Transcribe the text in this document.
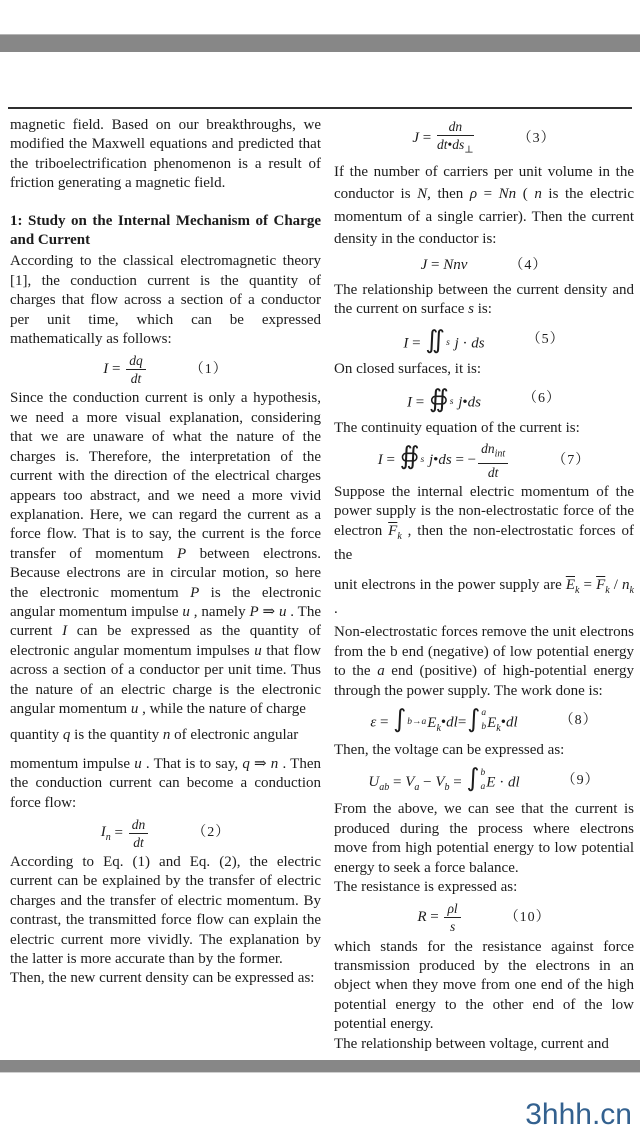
magnetic field. Based on our breakthroughs, we modified the Maxwell equations and predicted that the triboelectrification phenomenon is a result of friction generating a magnetic field.
1: Study on the Internal Mechanism of Charge and Current
According to the classical electromagnetic theory [1], the conduction current is the quantity of charges that flow across a section of a conductor per unit time, which can be expressed mathematically as follows:
$I = \frac{dq}{dt}$	（1）
Since the conduction current is only a hypothesis, we need a more visual explanation, considering that we are unaware of what the nature of the charges is. Therefore, the interpretation of the current with the direction of the electrical charges appears too abstract, and we need a more vivid explanation. Here, we can regard the current as a force flow. That is to say, the current is the force transfer of momentum P between electrons. Because electrons are in circular motion, so here the electronic momentum P is the electronic angular momentum impulse u , namely P ⇒ u . The current I can be expressed as the quantity of electronic angular momentum impulses u that flow across a section of a conductor per unit time. Thus the nature of an electric charge is the electronic angular momentum u , while the nature of charge
quantity q is the quantity n of electronic angular
momentum impulse u . That is to say, q ⇒ n . Then the conduction current can become a conduction force flow:
$I_n = \frac{dn}{dt}$	（2）
According to Eq. (1) and Eq. (2), the electric current can be explained by the transfer of electric charges and the transfer of electric momentum. By contrast, the transmitted force flow can explain the electric current more vividly. The explanation by the latter is more accurate than by the former.
Then, the new current density can be expressed as:
$J = \frac{dn}{dt•ds_\perp}$	（3）
If the number of carriers per unit volume in the conductor is N, then ρ = Nn ( n is the electric momentum of a single carrier). Then the current density in the conductor is:
J = Nnv	（4）
The relationship between the current density and the current on surface s is:
I = ∬ s j · ds	（5）
On closed surfaces, it is:
I = ∯ s j•ds	（6）
The continuity equation of the current is:
I = ∯ s j•ds = − $\frac{dn_{int}}{dt}$	（7）
Suppose the internal electric momentum of the power supply is the non-electrostatic force of the electron $\overline{F}_k$ , then the non-electrostatic forces of the
unit electrons in the power supply are $\overline{E}_k = \overline{F}_k / n_k$ .
Non-electrostatic forces remove the unit electrons from the b end (negative) of low potential energy to the a end (positive) of high-potential energy through the power supply. The work done is:
ε = ∫ b→a $E_k•dl=$ ∫ a
b $E_k•dl$	（8）
Then, the voltage can be expressed as:
$U_{ab} = V_a - V_b$ = ∫ b
a E · dl	（9）
From the above, we can see that the current is produced during the process where electrons move from high potential energy to low potential energy to seek a force balance.
The resistance is expressed as:
$R = \frac{\rho l}{s}$	（10）
which stands for the resistance against force transmission produced by the electrons in an object when they move from one end of the high potential energy to the other end of the low potential energy.
The relationship between voltage, current and
3hhh.cn
